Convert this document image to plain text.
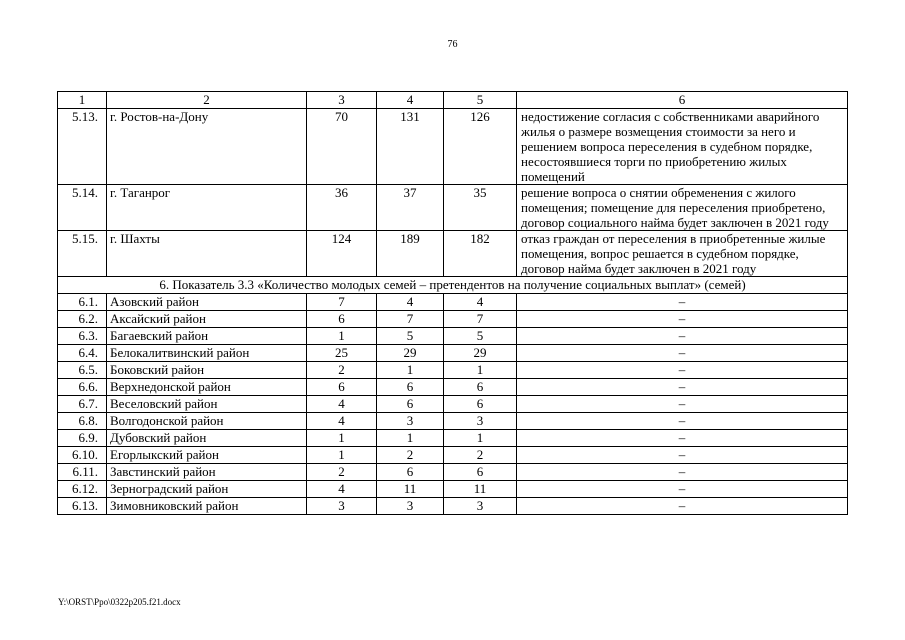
76
1	2	3	4	5	6
5.13.	г. Ростов-на-Дону	70	131	126	недостижение согласия с собственниками аварийного жилья о размере возмещения стоимости за него и решением вопроса переселения в судебном порядке, несостоявшиеся торги по приобретению жилых помещений
5.14.	г. Таганрог	36	37	35	решение вопроса о снятии обременения с жилого помещения; помещение для переселения приобретено, договор социального найма будет заключен в 2021 году
5.15.	г. Шахты	124	189	182	отказ граждан от переселения в приобретенные жилые помещения, вопрос решается в судебном порядке, договор найма будет заключен в 2021 году
6. Показатель 3.3 «Количество молодых семей – претендентов на получение социальных выплат» (семей)					
6.1.	Азовский район	7	4	4	–
6.2.	Аксайский район	6	7	7	–
6.3.	Багаевский район	1	5	5	–
6.4.	Белокалитвинский район	25	29	29	–
6.5.	Боковский район	2	1	1	–
6.6.	Верхнедонской район	6	6	6	–
6.7.	Веселовский район	4	6	6	–
6.8.	Волгодонской район	4	3	3	–
6.9.	Дубовский район	1	1	1	–
6.10.	Егорлыкский район	1	2	2	–
6.11.	Завстинский район	2	6	6	–
6.12.	Зерноградский район	4	11	11	–
6.13.	Зимовниковский район	3	3	3	–
Y:\ORST\Ppo\0322p205.f21.docx
